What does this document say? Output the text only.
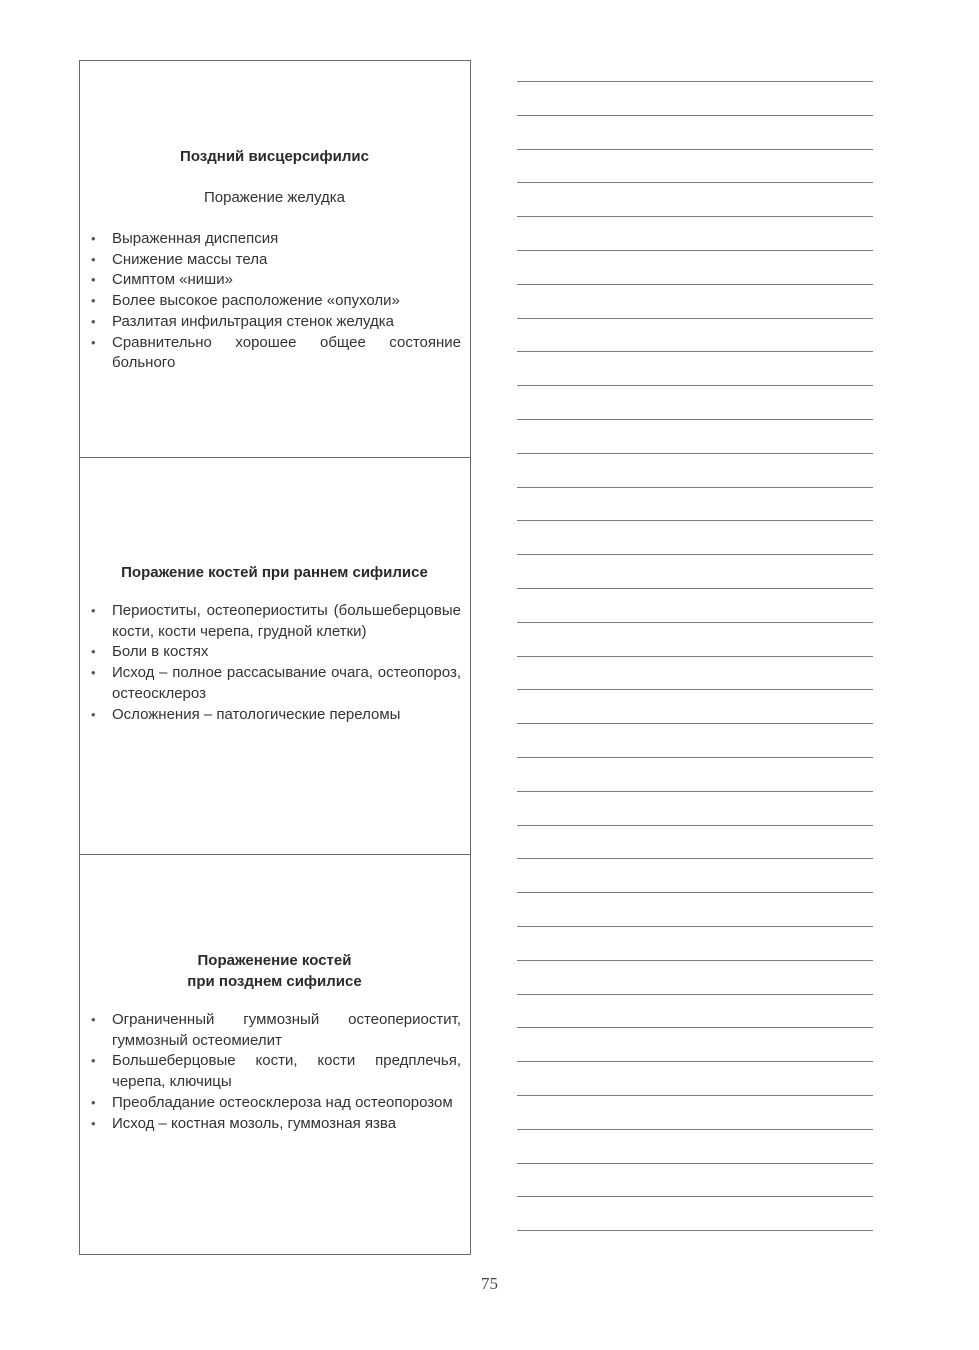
Поздний висцерсифилис
Поражение желудка
• Выраженная диспепсия
• Снижение массы тела
• Симптом «ниши»
• Более высокое расположение «опухоли»
• Разлитая инфильтрация стенок желудка
• Сравнительно хорошее общее состояние больного
Поражение костей при раннем сифилисе
• Периоститы, остеопериоститы (большеберцовые кости, кости черепа, грудной клетки)
• Боли в костях
• Исход – полное рассасывание очага, остеопороз, остеосклероз
• Осложнения – патологические переломы
Пораженение костей
при позднем сифилисе
• Ограниченный гуммозный остеопериостит, гуммозный остеомиелит
• Большеберцовые кости, кости предплечья, черепа, ключицы
• Преобладание остеосклероза над остеопорозом
• Исход – костная мозоль, гуммозная язва
75
